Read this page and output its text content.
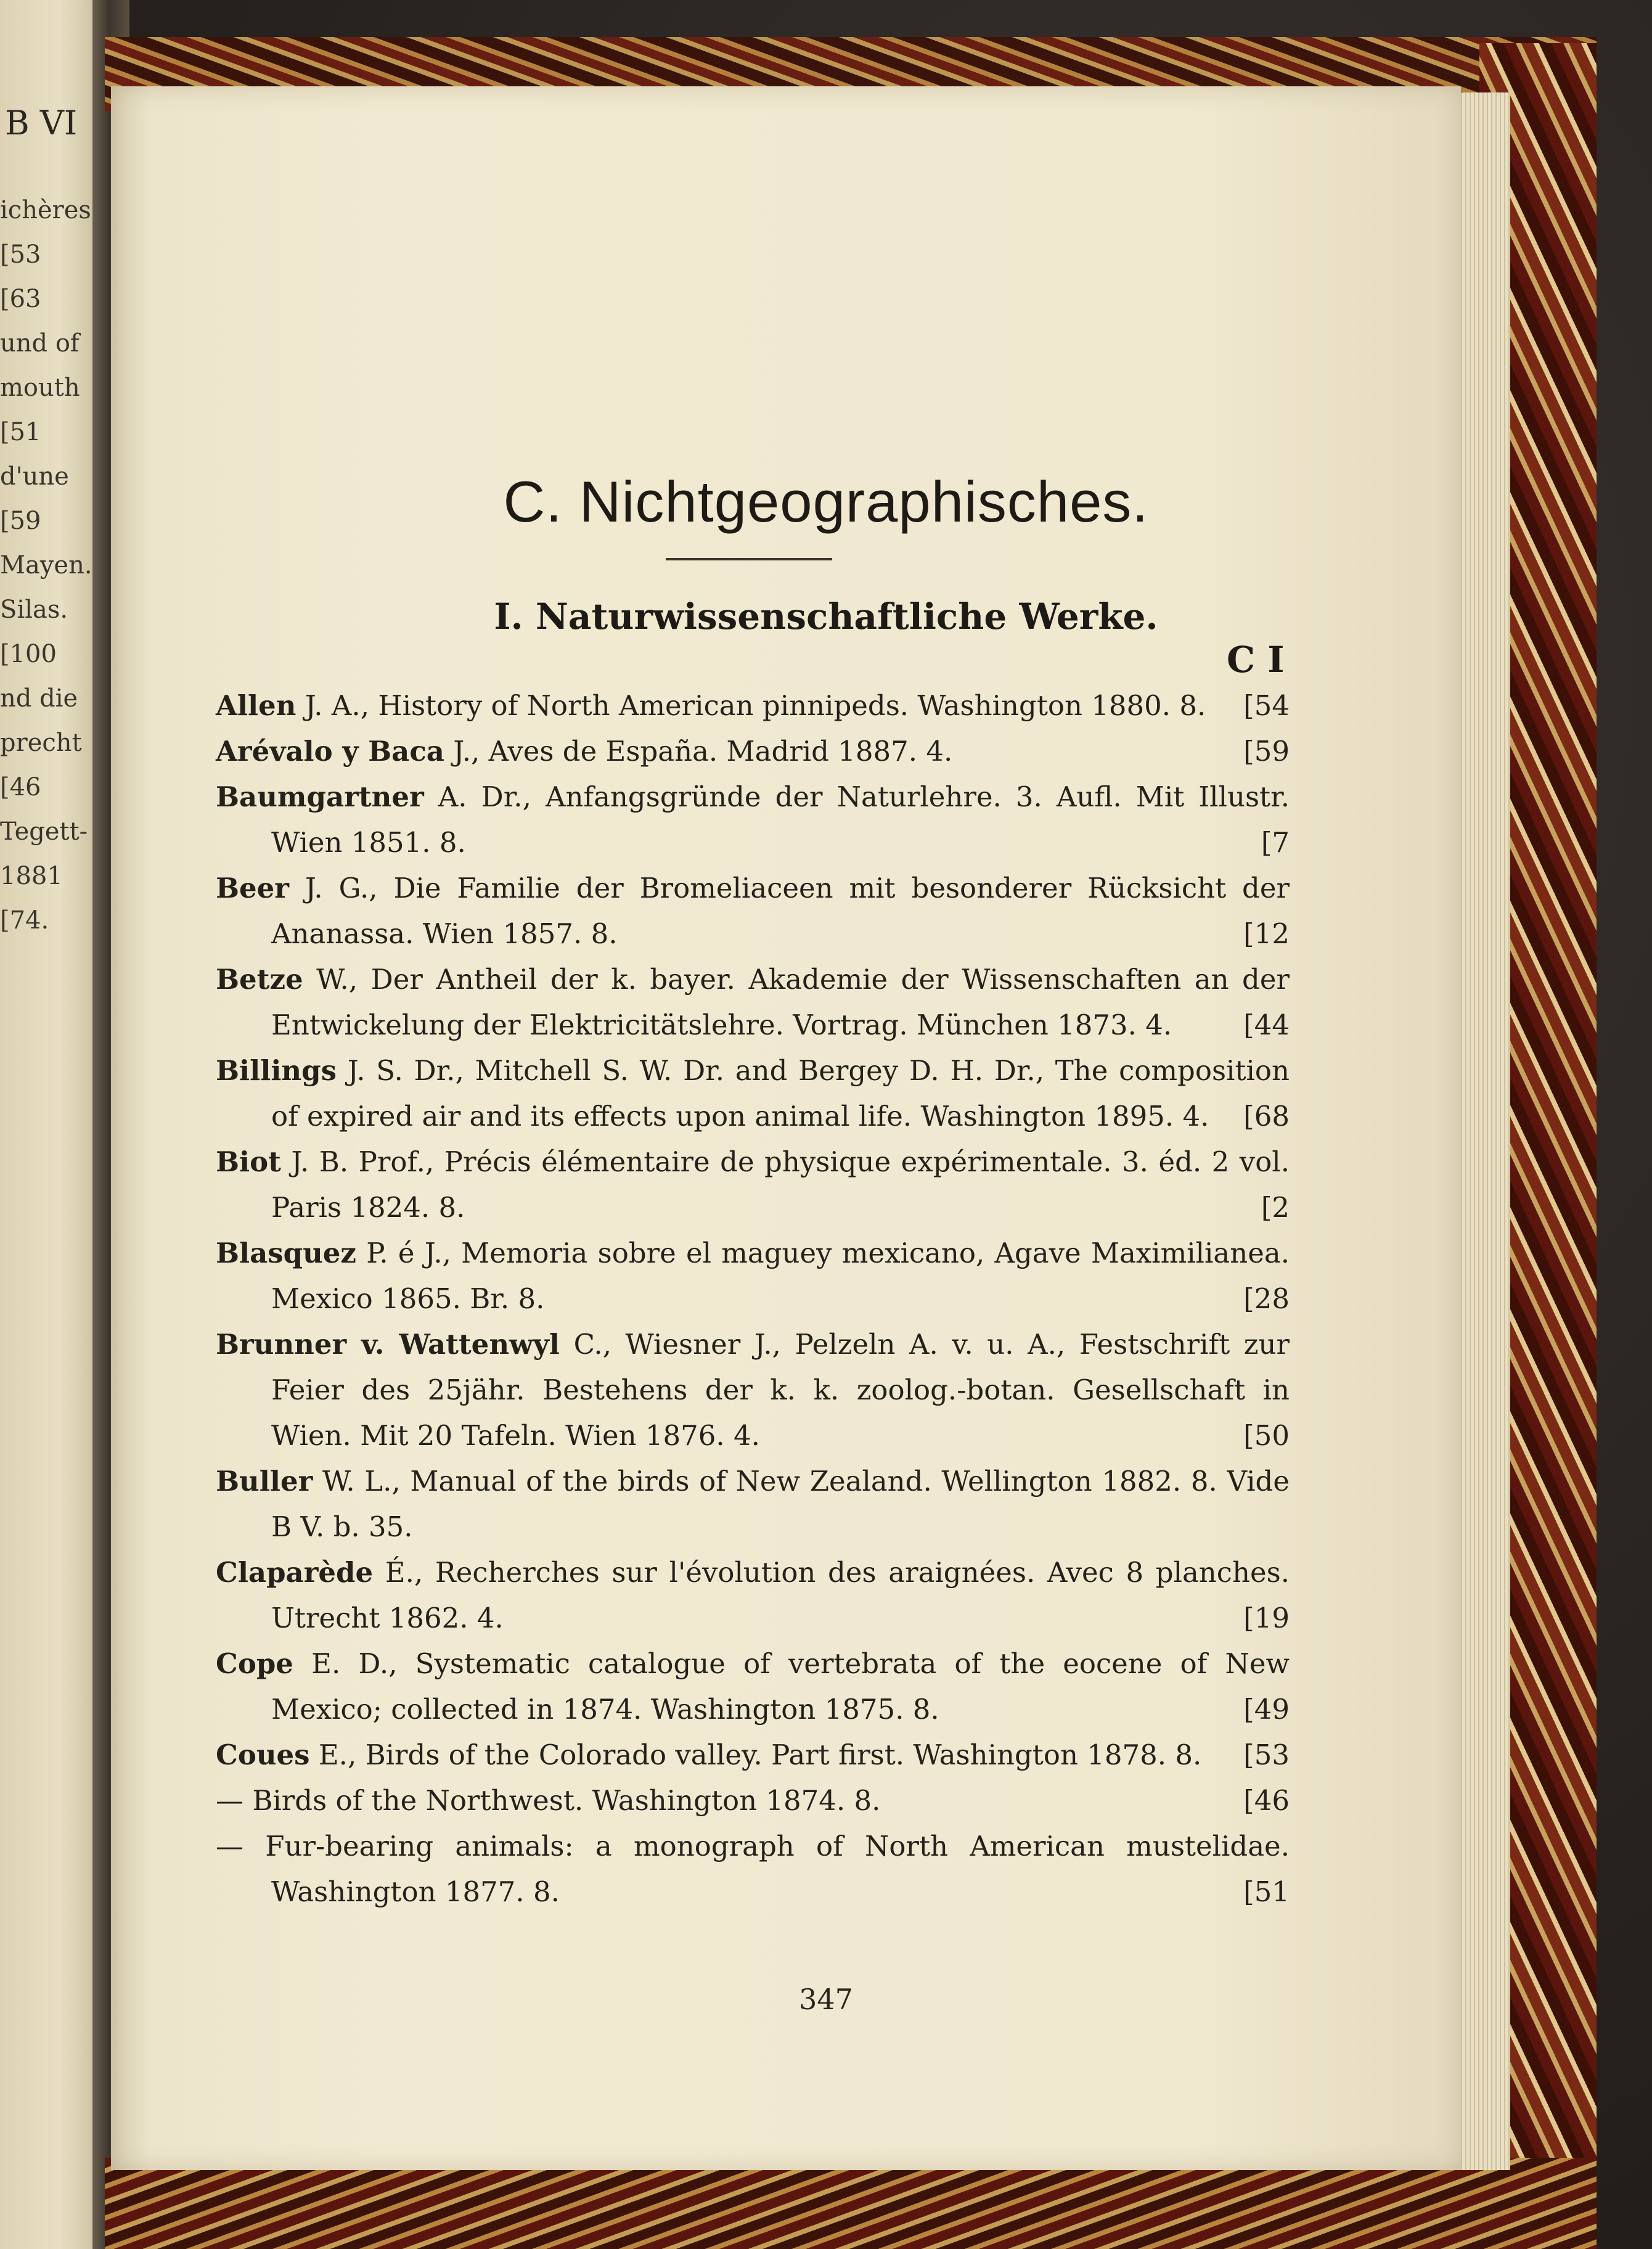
B VI
ichères
[53
[63
und of
mouth
[51
d'une
[59
Mayen.
Silas.
[100
nd die
precht
[46
Tegett-
1881
[74.
C. Nichtgeographisches.
I. Naturwissenschaftliche Werke.
C I

Allen J. A., History of North American pinnipeds. Washington 1880. 8. [54

Arévalo y Baca J., Aves de España. Madrid 1887. 4.	[59

Baumgartner A. Dr., Anfangsgründe der Naturlehre. 3. Aufl. Mit Illustr. Wien 1851. 8.	[7

Beer J. G., Die Familie der Bromeliaceen mit besonderer Rücksicht der Ananassa. Wien 1857. 8.	[12

Betze W., Der Antheil der k. bayer. Akademie der Wissenschaften an der Entwickelung der Elektricitätslehre. Vortrag. München 1873. 4.	[44

Billings J. S. Dr., Mitchell S. W. Dr. and Bergey D. H. Dr., The composition of expired air and its effects upon animal life. Washington 1895. 4. [68

Biot J. B. Prof., Précis élémentaire de physique expérimentale. 3. éd. 2 vol. Paris 1824. 8.	[2

Blasquez P. é J., Memoria sobre el maguey mexicano, Agave Maximilianea. Mexico 1865. Br. 8.	[28

Brunner v. Wattenwyl C., Wiesner J., Pelzeln A. v. u. A., Festschrift zur Feier des 25jähr. Bestehens der k. k. zoolog.-botan. Gesellschaft in Wien. Mit 20 Tafeln. Wien 1876. 4.	[50

Buller W. L., Manual of the birds of New Zealand. Wellington 1882. 8. Vide B V. b. 35.

Claparède É., Recherches sur l'évolution des araignées. Avec 8 planches. Utrecht 1862. 4.	[19

Cope E. D., Systematic catalogue of vertebrata of the eocene of New Mexico; collected in 1874. Washington 1875. 8.	[49

Coues E., Birds of the Colorado valley. Part first. Washington 1878. 8. [53

— Birds of the Northwest. Washington 1874. 8.	[46

— Fur-bearing animals: a monograph of North American mustelidae. Washington 1877. 8.	[51

347
